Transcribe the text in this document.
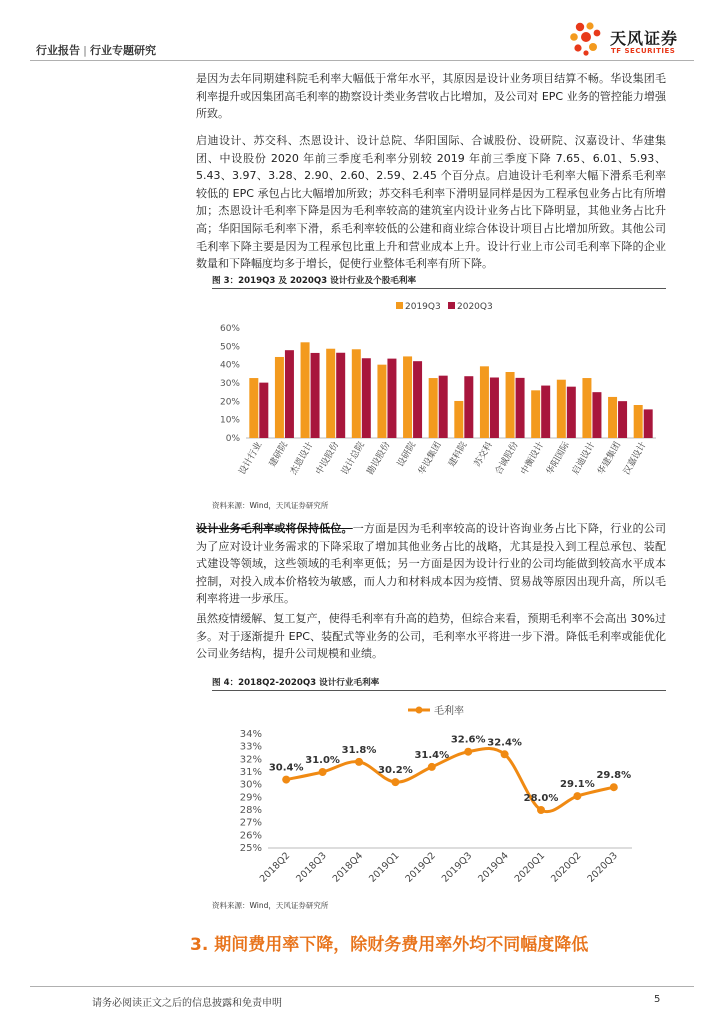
行业报告 | 行业专题研究
天风证券
TF SECURITIES
是因为去年同期建科院毛利率大幅低于常年水平，其原因是设计业务项目结算不畅。华设集团毛利率提升或因集团高毛利率的勘察设计类业务营收占比增加，及公司对 EPC 业务的管控能力增强所致。
启迪设计、苏交科、杰恩设计、设计总院、华阳国际、合诚股份、设研院、汉嘉设计、华建集团、中设股份 2020 年前三季度毛利率分别较 2019 年前三季度下降 7.65、6.01、5.93、5.43、3.97、3.28、2.90、2.60、2.59、2.45 个百分点。启迪设计毛利率大幅下滑系毛利率较低的 EPC 承包占比大幅增加所致；苏交科毛利率下滑明显同样是因为工程承包业务占比有所增加；杰恩设计毛利率下降是因为毛利率较高的建筑室内设计业务占比下降明显，其他业务占比升高；华阳国际毛利率下滑，系毛利率较低的公建和商业综合体设计项目占比增加所致。其他公司毛利率下降主要是因为工程承包比重上升和营业成本上升。设计行业上市公司毛利率下降的企业数量和下降幅度均多于增长，促使行业整体毛利率有所下降。
图 3：2019Q3 及 2020Q3 设计行业及个股毛利率
2019Q3 2020Q3
0%
10%
20%
30%
40%
50%
60%
设计行业 建研院
杰恩设计
中设股份
设计总院
勘设股份 设研院
华设集团 建科院 苏交科
合诚股份
中衡设计
华阳国际
启迪设计
华建集团
汉嘉设计
资料来源：Wind，天风证券研究所
设计业务毛利率或将保持低位。一方面是因为毛利率较高的设计咨询业务占比下降，行业的公司为了应对设计业务需求的下降采取了增加其他业务占比的战略，尤其是投入到工程总承包、装配式建设等领域，这些领域的毛利率更低；另一方面是因为设计行业的公司均能做到较高水平成本控制，对投入成本价格较为敏感，而人力和材料成本因为疫情、贸易战等原因出现升高，所以毛利率将进一步承压。
虽然疫情缓解、复工复产，使得毛利率有升高的趋势，但综合来看，预期毛利率不会高出 30%过多。对于逐渐提升 EPC、装配式等业务的公司，毛利率水平将进一步下滑。降低毛利率或能优化公司业务结构，提升公司规模和业绩。
图 4：2018Q2-2020Q3 设计行业毛利率
毛利率
25%
26%
27%
28%
29%
30%
31%
32%
33%
34%
30.4%
2018Q2
31.0%
2018Q3
31.8%
2018Q4
30.2%
2019Q1
31.4%
2019Q2
32.6%
2019Q3
32.4%
2019Q4
28.0%
2020Q1
29.1%
2020Q2
29.8%
2020Q3
资料来源：Wind，天风证券研究所
3. 期间费用率下降，除财务费用率外均不同幅度降低
请务必阅读正文之后的信息披露和免责申明	5
